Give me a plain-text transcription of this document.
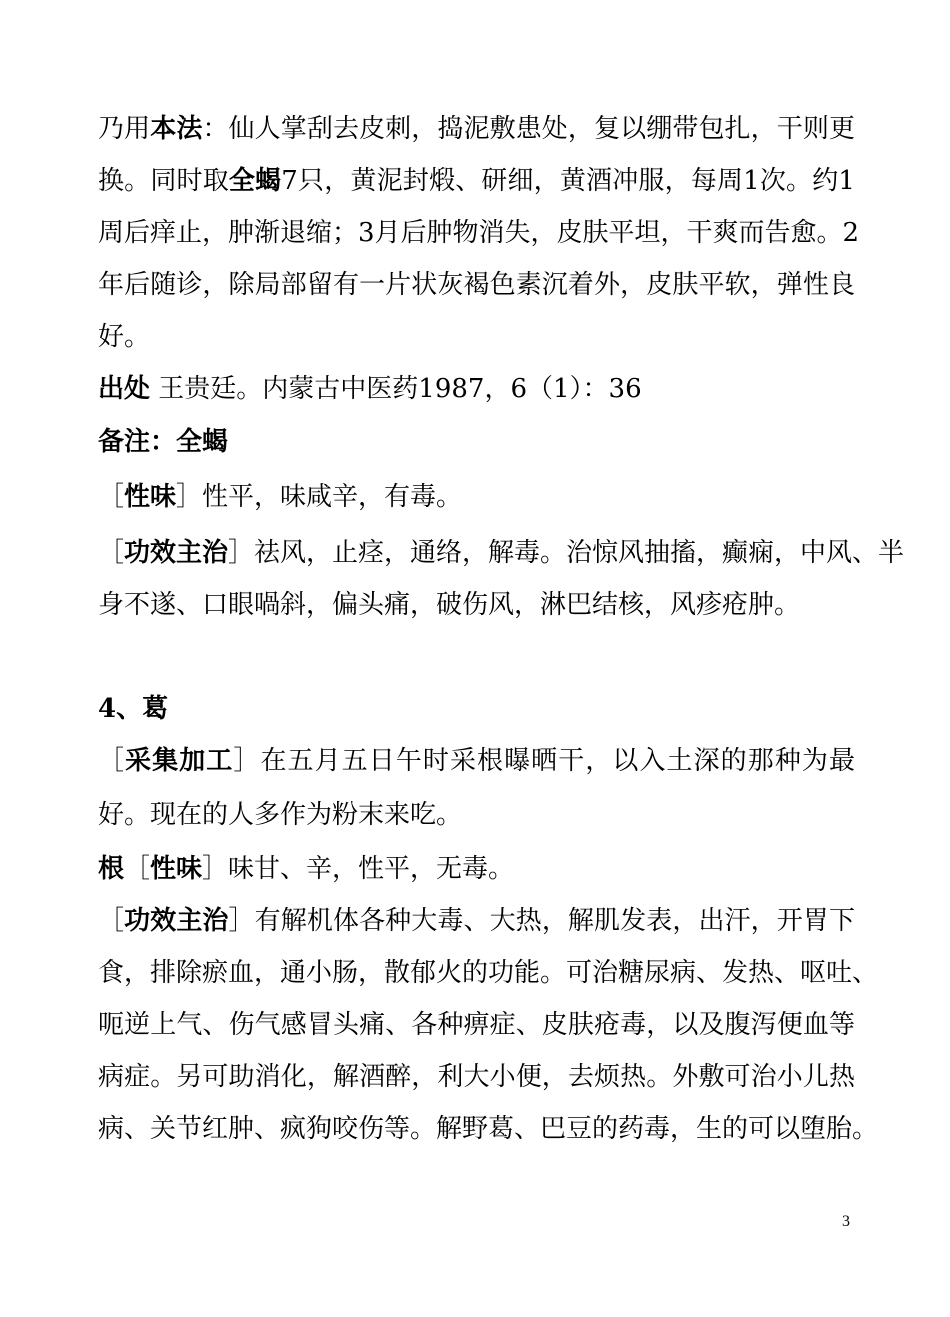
乃用本法：仙人掌刮去皮刺，捣泥敷患处，复以绷带包扎，干则更
换。同时取全蝎7只，黄泥封煅、研细，黄酒冲服，每周1次。约1
周后痒止，肿渐退缩；3月后肿物消失，皮肤平坦，干爽而告愈。2
年后随诊，除局部留有一片状灰褐色素沉着外，皮肤平软，弹性良
好。
出处 王贵廷。内蒙古中医药1987，6（1）：36
备注：全蝎
［性味］性平，味咸辛，有毒。
［功效主治］祛风，止痉，通络，解毒。治惊风抽搐，癫痫，中风、半
身不遂、口眼喎斜，偏头痛，破伤风，淋巴结核，风疹疮肿。
4、葛
［采集加工］在五月五日午时采根曝晒干，以入土深的那种为最
好。现在的人多作为粉末来吃。
根［性味］味甘、辛，性平，无毒。
［功效主治］有解机体各种大毒、大热，解肌发表，出汗，开胃下
食，排除瘀血，通小肠，散郁火的功能。可治糖尿病、发热、呕吐、
呃逆上气、伤气感冒头痛、各种痹症、皮肤疮毒，以及腹泻便血等
病症。另可助消化，解酒醉，利大小便，去烦热。外敷可治小儿热
病、关节红肿、疯狗咬伤等。解野葛、巴豆的药毒，生的可以堕胎。
3
